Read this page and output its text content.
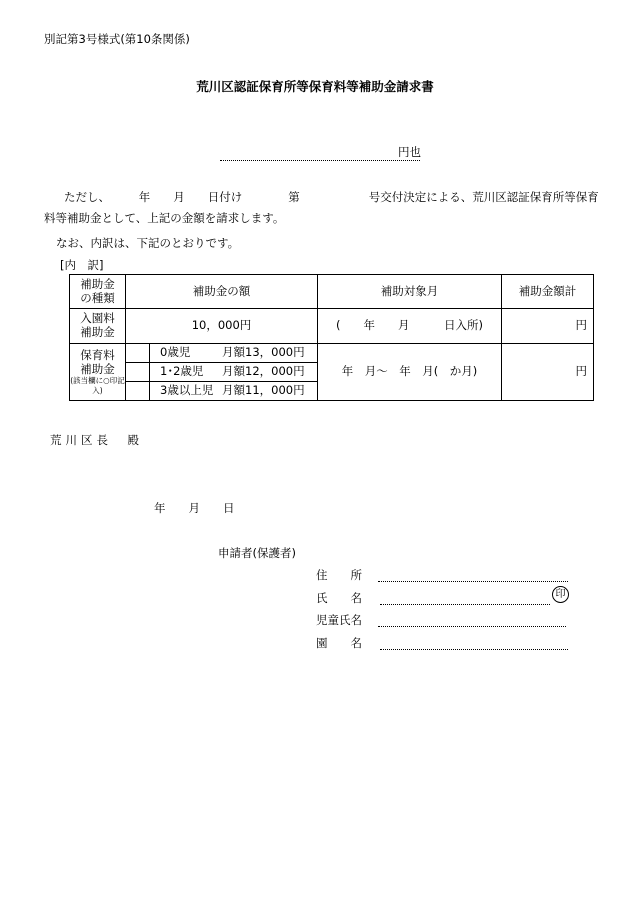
別記第3号様式(第10条関係)
荒川区認証保育所等保育料等補助金請求書
円也
ただし、　　　年　　月　　日付け　　　　第　　　　　　号交付決定による、荒川区認証保育所等保育
料等補助金として、上記の金額を請求します。
なお、内訳は、下記のとおりです。
[内　訳]
補助金の種類	補助金の額		補助対象月	補助金額計

入園料補助金	10，000円		(　　年　　月　　　日入所)	円

保育料補助金
(該当欄に○印記入)		0歳児 月額13，000円	年　月〜　年　月(　か月)	円
		1･2歳児 月額12，000円		
		3歳以上児 月額11，000円		
荒川区長　殿
年　　月　　日
申請者(保護者)
住　　所
氏　　名	印
児童氏名
園　　名
